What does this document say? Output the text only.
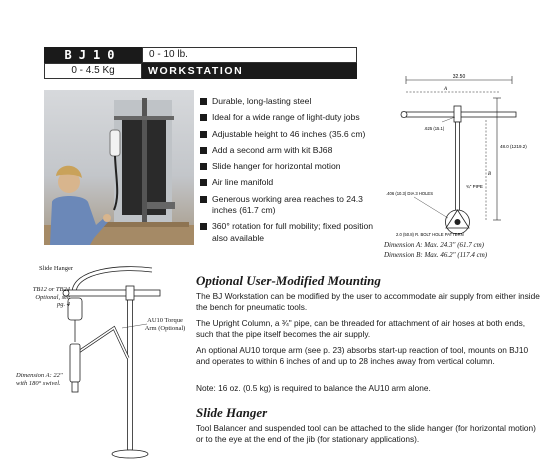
BJ10	0 - 10 lb.
0 - 4.5 Kg	WORKSTATION
Durable, long-lasting steel
Ideal for a wide range of light-duty jobs
Adjustable height to 46 inches (35.6 cm)
Add a second arm with kit BJ68
Slide hanger for horizontal motion
Air line manifold
Generous working area reaches to 24.3 inches (61.7 cm)
360° rotation for full mobility; fixed position also available
32.50
A
.625 (15.1)
¾" PIPE
48.0 (1219.2)
B
.406 (10.3) DIA 3 HOLES
2.0 (50.8) R. BOLT HOLE PATTERN
Dimension A: Max. 24.3" (61.7 cm)
Dimension B: Max. 46.2" (117.4 cm)
Slide Hanger
TB12 or TB24 Optional, see pg. 4
AU10 Torque Arm (Optional)
Dimension A: 22" with 180° swivel.
Optional User-Modified Mounting

The BJ Workstation can be modified by the user to accommodate air supply from either inside the bench for pneumatic tools.

The Upright Column, a ¾" pipe, can be threaded for attachment of air hoses at both ends, such that the pipe itself becomes the air supply.

An optional AU10 torque arm (see p. 23) absorbs start-up reaction of tool, mounts on BJ10 and operates to within 6 inches of and up to 28 inches away from vertical column.

Note: 16 oz. (0.5 kg) is required to balance the AU10 arm alone.

Slide Hanger

Tool Balancer and suspended tool can be attached to the slide hanger (for horizontal motion) or to the eye at the end of the jib (for stationary applications).
